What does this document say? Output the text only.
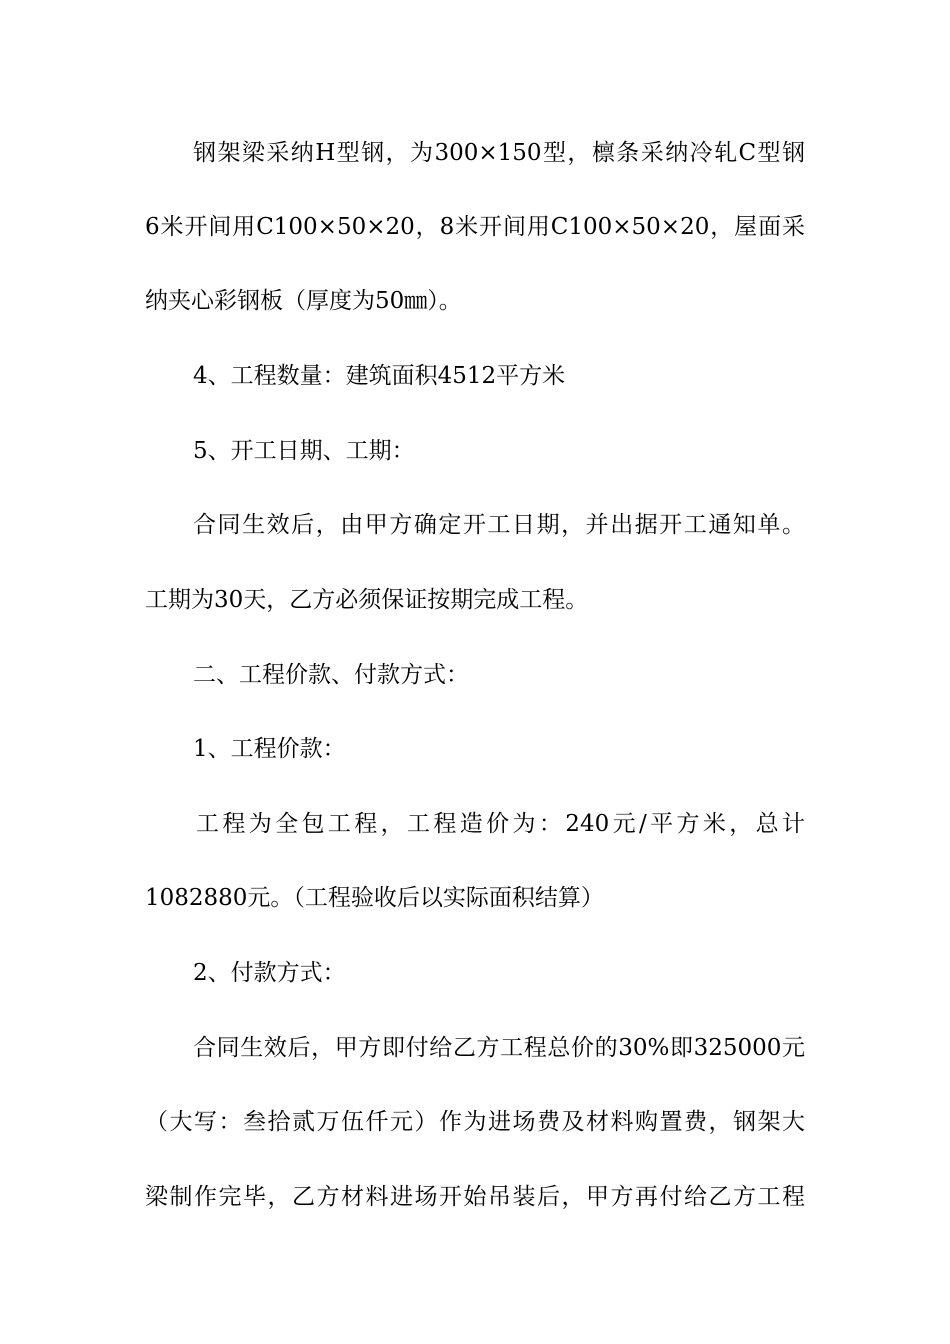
钢架梁采纳H型钢，为300×150型，檩条采纳冷轧C型钢
6米开间用C100×50×20，8米开间用C100×50×20，屋面采
纳夹心彩钢板（厚度为50㎜）。
4、工程数量：建筑面积4512平方米
5、开工日期、工期：
合同生效后，由甲方确定开工日期，并出据开工通知单。
工期为30天，乙方必须保证按期完成工程。
二、工程价款、付款方式：
1、工程价款：
工程为全包工程，工程造价为：240元/平方米，总计
1082880元。（工程验收后以实际面积结算）
2、付款方式：
合同生效后，甲方即付给乙方工程总价的30%即325000元
（大写：叁拾贰万伍仟元）作为进场费及材料购置费，钢架大
梁制作完毕，乙方材料进场开始吊装后，甲方再付给乙方工程
